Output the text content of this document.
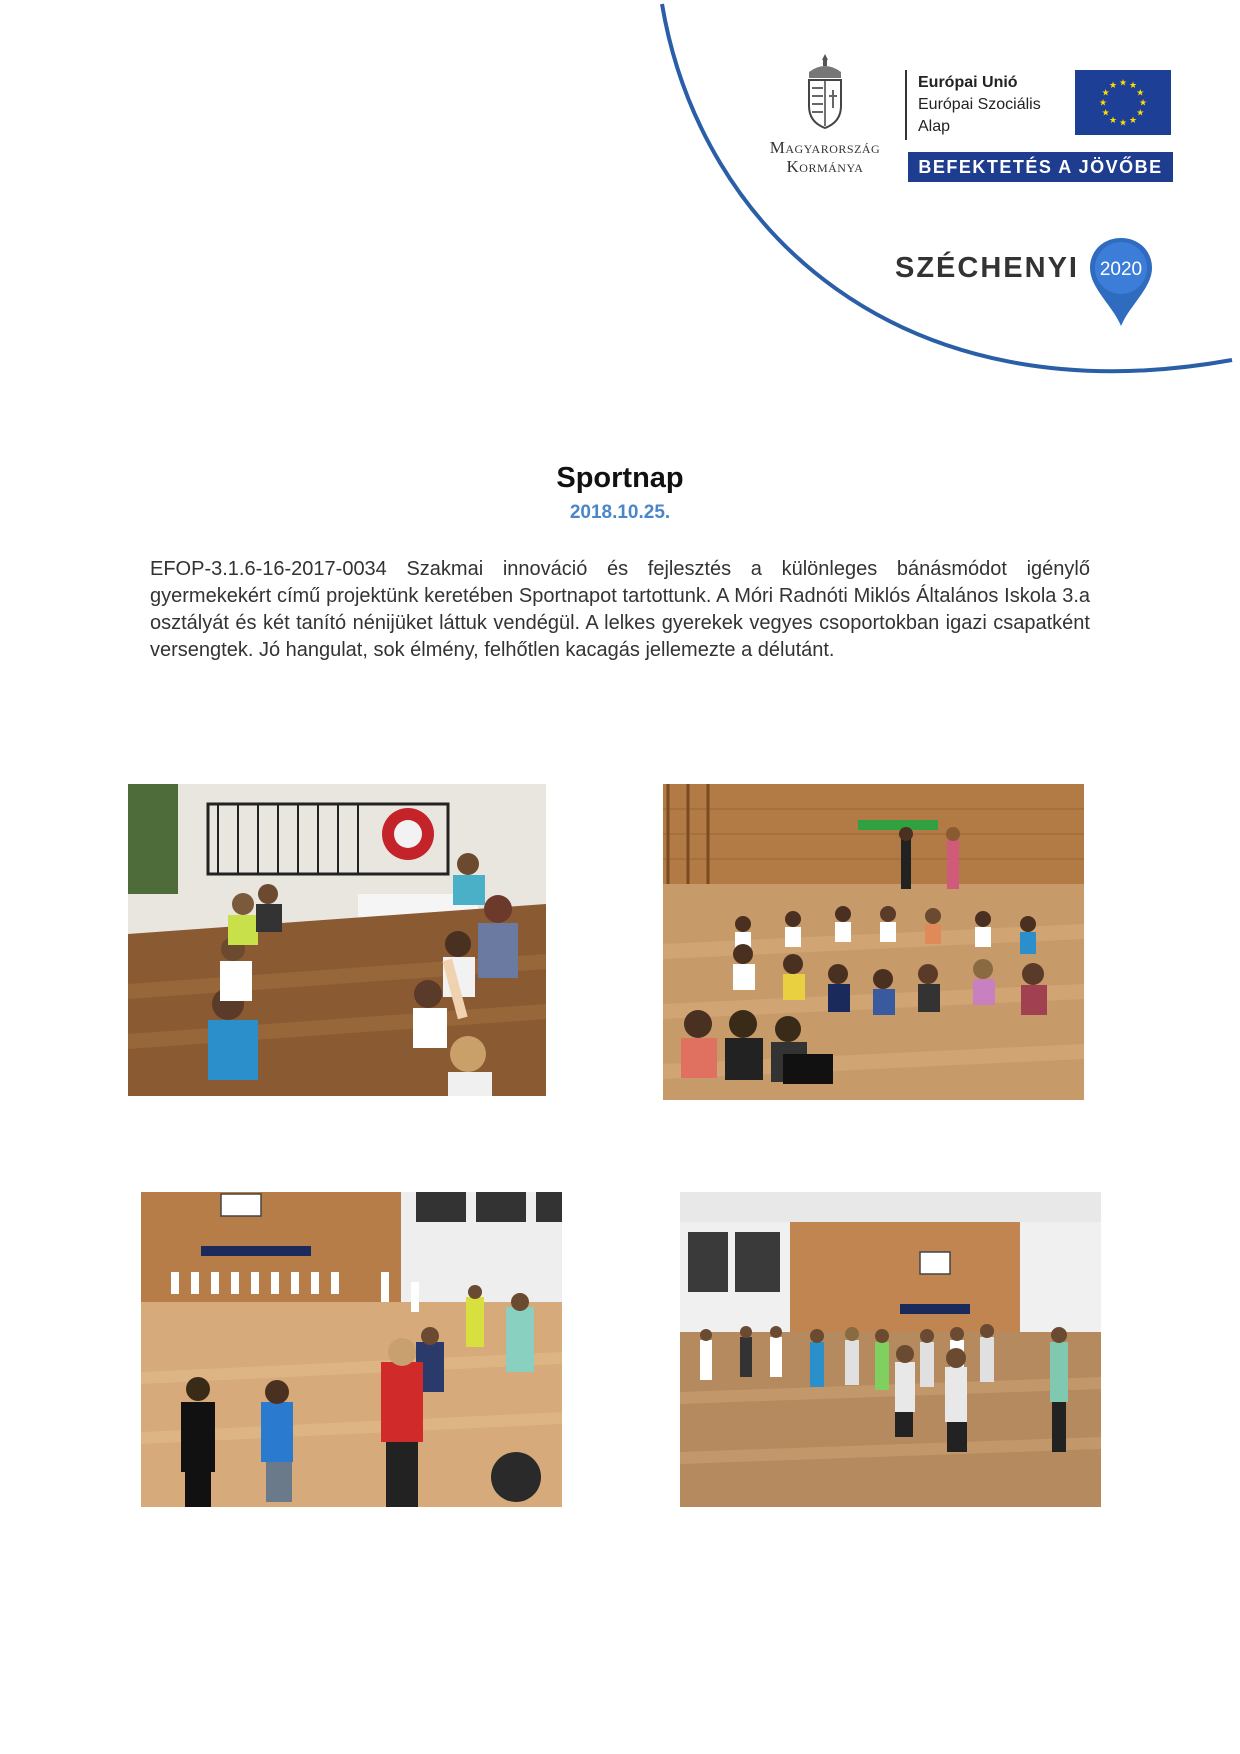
Magyarország
Kormánya
Európai Unió
Európai Szociális
Alap
★ ★
★
★
★
★
★
★
★
★
★
★
BEFEKTETÉS A JÖVŐBE
SZÉCHENYI 2020
Sportnap
2018.10.25.
EFOP-3.1.6-16-2017-0034 Szakmai innováció és fejlesztés a különleges bánásmódot igénylő gyermekekért című projektünk keretében Sportnapot tartottunk. A Móri Radnóti Miklós Általános Iskola 3.a osztályát és két tanító nénijüket láttuk vendégül. A lelkes gyerekek vegyes csoportokban igazi csapatként versengtek. Jó hangulat, sok élmény, felhőtlen kacagás jellemezte a délutánt.
